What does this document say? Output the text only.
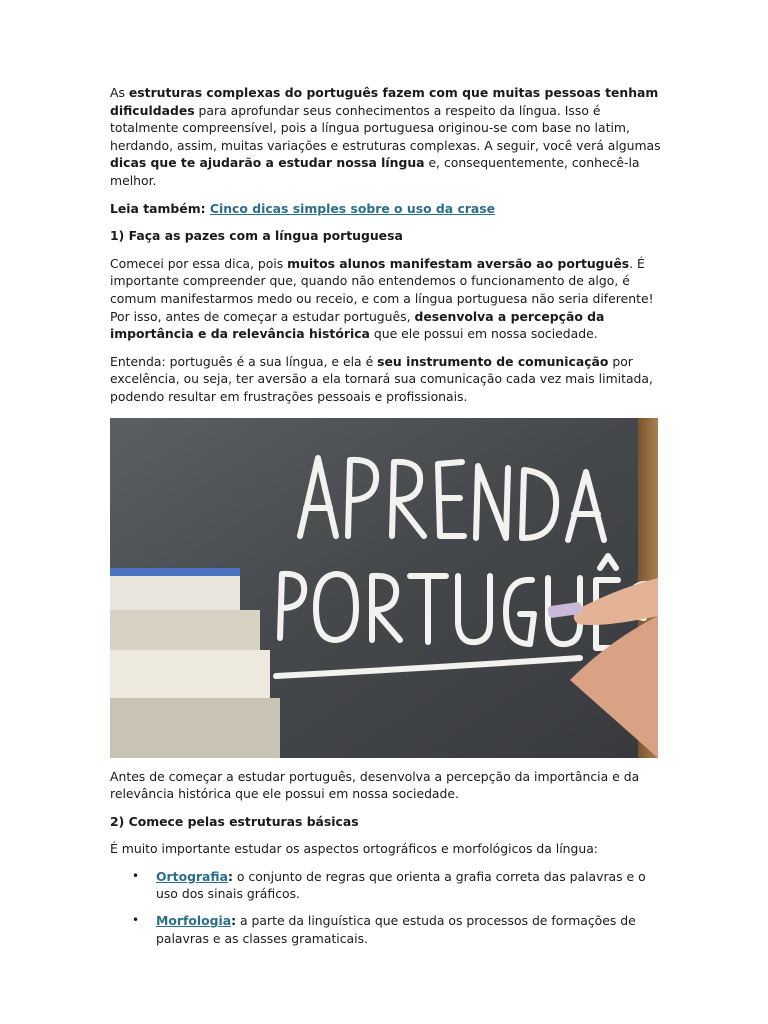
As estruturas complexas do português fazem com que muitas pessoas tenham dificuldades para aprofundar seus conhecimentos a respeito da língua. Isso é totalmente compreensível, pois a língua portuguesa originou-se com base no latim, herdando, assim, muitas variações e estruturas complexas. A seguir, você verá algumas dicas que te ajudarão a estudar nossa língua e, consequentemente, conhecê-la melhor.

Leia também: Cinco dicas simples sobre o uso da crase

1) Faça as pazes com a língua portuguesa

Comecei por essa dica, pois muitos alunos manifestam aversão ao português. É importante compreender que, quando não entendemos o funcionamento de algo, é comum manifestarmos medo ou receio, e com a língua portuguesa não seria diferente! Por isso, antes de começar a estudar português, desenvolva a percepção da importância e da relevância histórica que ele possui em nossa sociedade.

Entenda: português é a sua língua, e ela é seu instrumento de comunicação por excelência, ou seja, ter aversão a ela tornará sua comunicação cada vez mais limitada, podendo resultar em frustrações pessoais e profissionais.

Antes de começar a estudar português, desenvolva a percepção da importância e da relevância histórica que ele possui em nossa sociedade.

2) Comece pelas estruturas básicas

É muito importante estudar os aspectos ortográficos e morfológicos da língua:

• Ortografia: o conjunto de regras que orienta a grafia correta das palavras e o uso dos sinais gráficos.
• Morfologia: a parte da linguística que estuda os processos de formações de palavras e as classes gramaticais.
